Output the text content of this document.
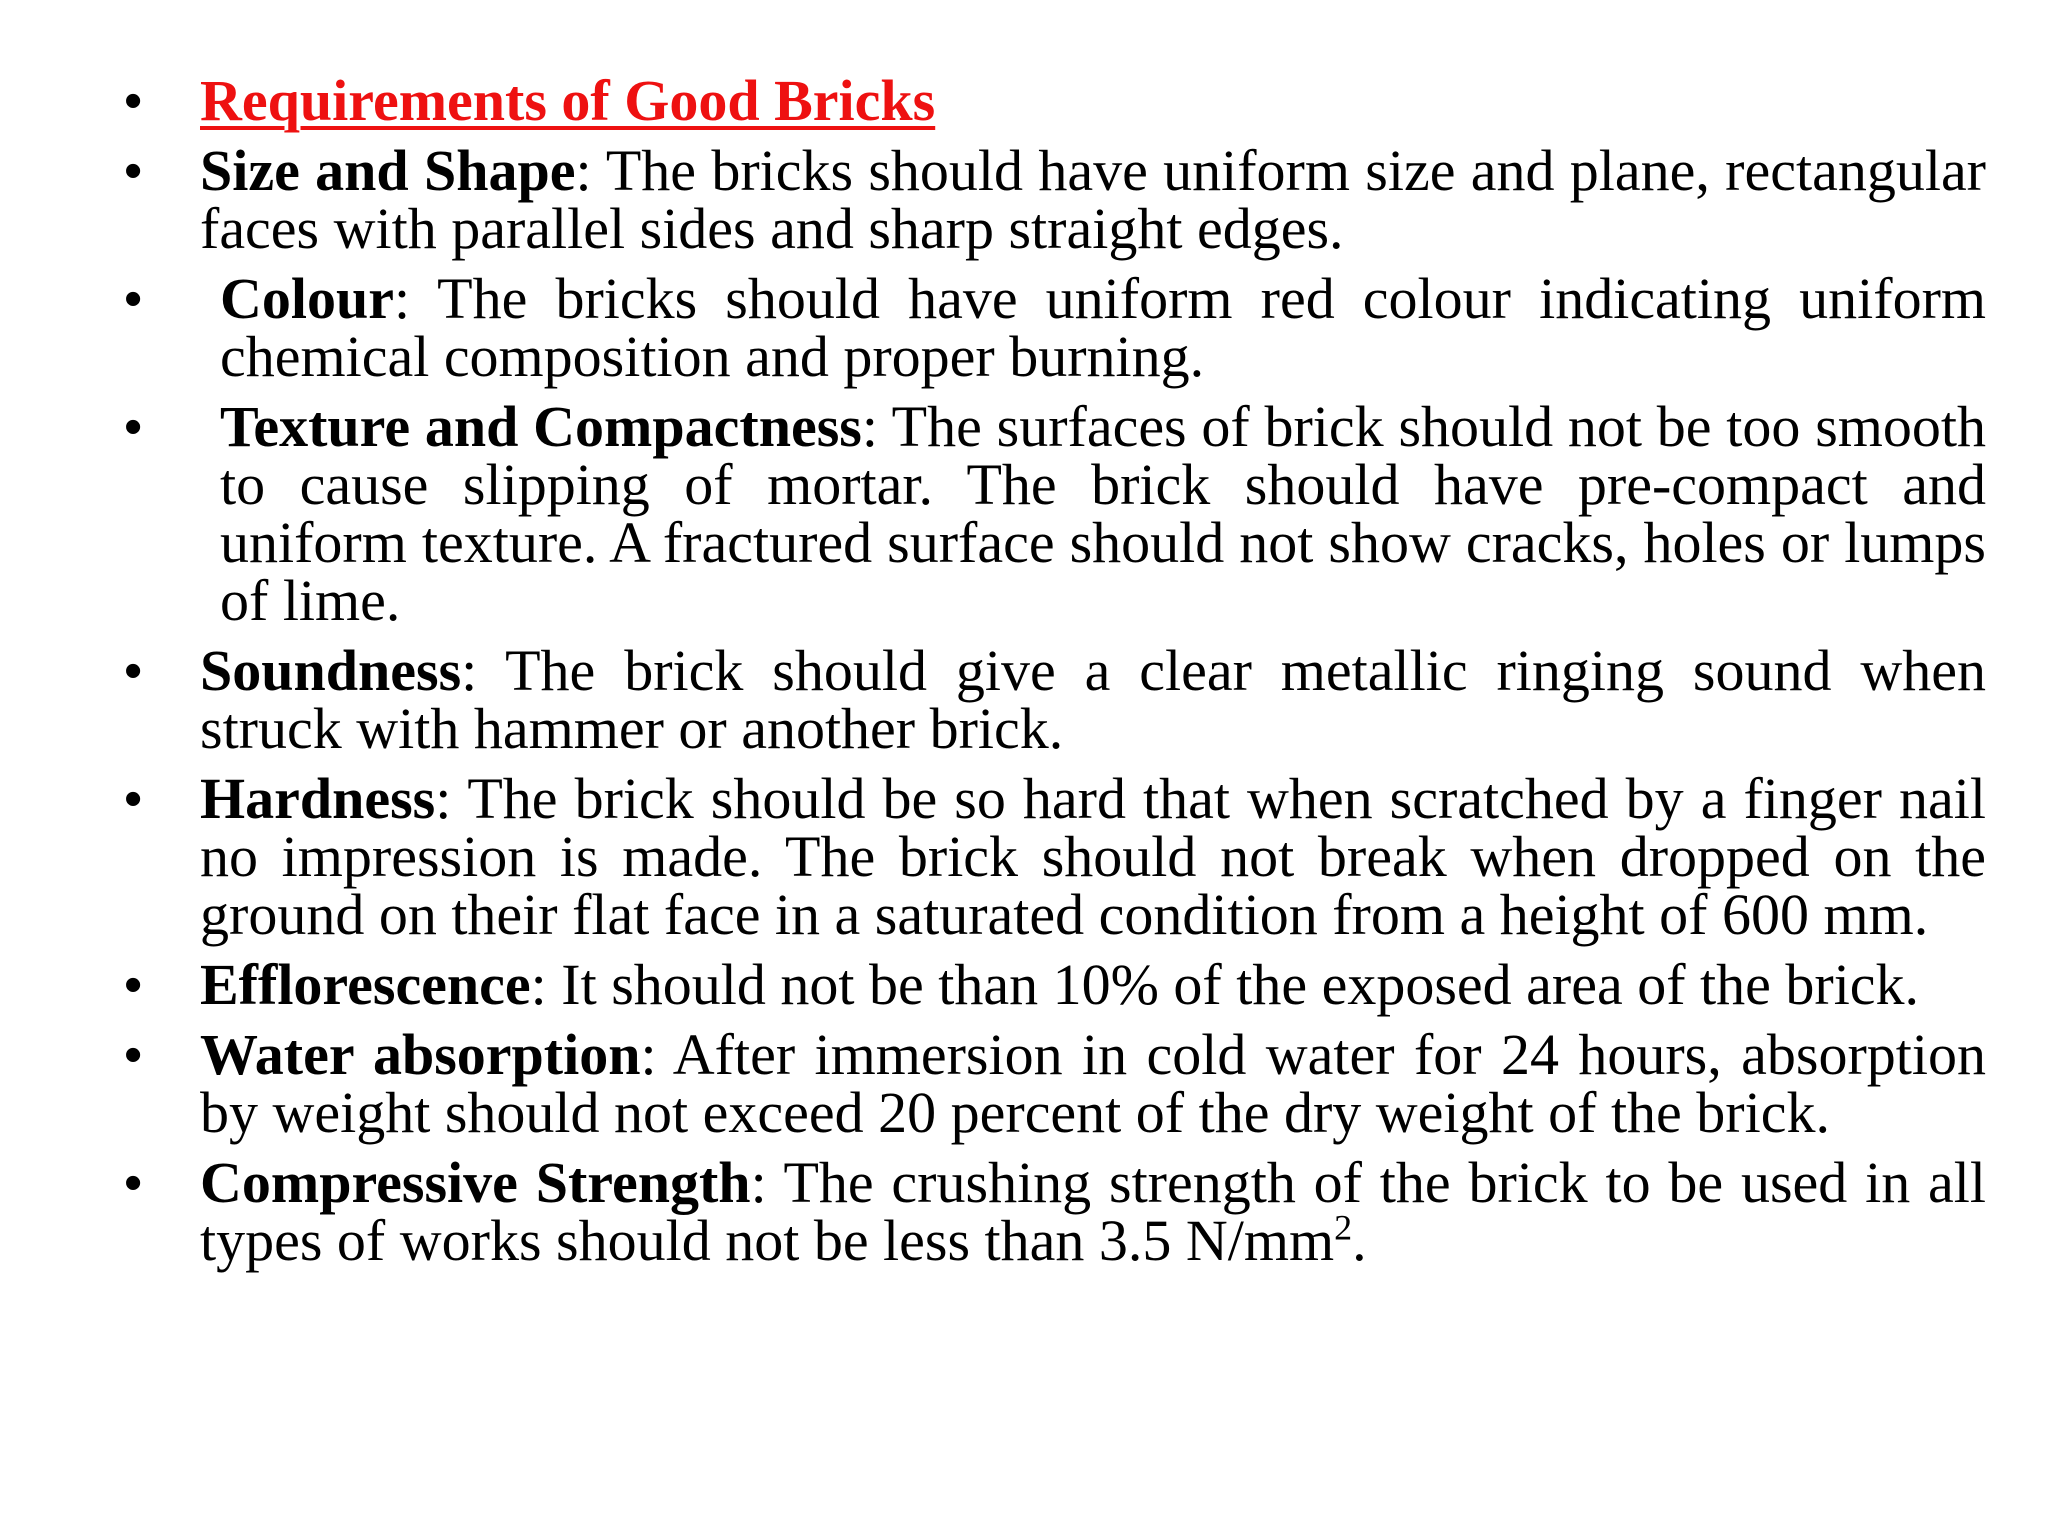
• Requirements of Good Bricks
• Size and Shape: The bricks should have uniform size and plane, rectangular faces with parallel sides and sharp straight edges.
• Colour: The bricks should have uniform red colour indicating uniform chemical composition and proper burning.
• Texture and Compactness: The surfaces of brick should not be too smooth to cause slipping of mortar. The brick should have pre-compact and uniform texture. A fractured surface should not show cracks, holes or lumps of lime.
• Soundness: The brick should give a clear metallic ringing sound when struck with hammer or another brick.
• Hardness: The brick should be so hard that when scratched by a finger nail no impression is made. The brick should not break when dropped on the ground on their flat face in a saturated condition from a height of 600 mm.
• Efflorescence: It should not be than 10% of the exposed area of the brick.
• Water absorption: After immersion in cold water for 24 hours, absorption by weight should not exceed 20 percent of the dry weight of the brick.
• Compressive Strength: The crushing strength of the brick to be used in all types of works should not be less than 3.5 $N/mm^2$.
